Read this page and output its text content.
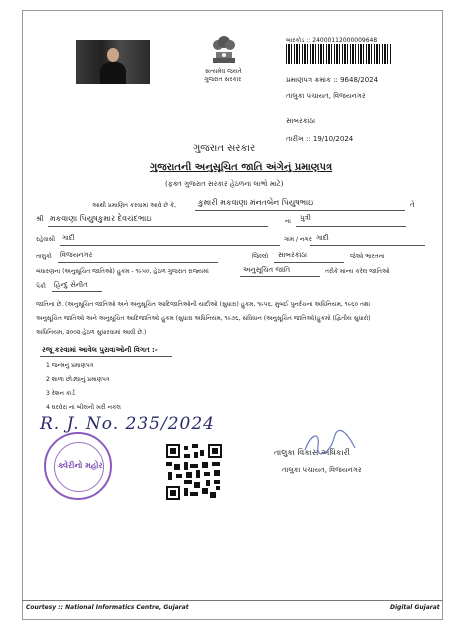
સત્યમેવ જયતે
ગુજરાત સરકાર
બારકોડ :: 24000112000009648
પ્રમાણપત્ર ક્રમાંક :: 9648/2024
તાલુકા પંચાયત, વિજયનગર
સાબરકાંઠા
તારીખ :: 19/10/2024
ગુજરાત સરકાર
ગુજરાતની અનુસૂચિત જાતિ અંગેનું પ્રમાણપત્ર
(ફક્ત ગુજરાત સરકાર હેઠળના લાભો માટે)
આથી પ્રમાણિત કરવામાં આવે છે કે,	કુમારી મકવાણા મંનતબેન પિયુષભાઇ	તે
શ્રી મકવાણા પિયુષકુમાર દેવચંદભાઇ	ના પુત્રી
રહેવાસી ગાદી	ગામ / નગર ગાદી
તાલુકો વિજયનગર	જિલ્લો સાબરકાંઠા	જેઓ ભારતના
બંધારણના (અનુસૂચિત જાતિઓ) હુકમ - ૧૯૫૦, હેઠળ ગુજરાત રાજ્યમાં	અનુસૂચિત જાતિ	તરીકે માન્ય કરેલ જાતિઓ
પૈકી હિન્દુ સેનીત
જાતિના છે. (અનુસૂચિત જાતિઓ અને અનુસૂચિત આદિજાતિઓની યાદીઓ (સુધારા) હુકમ, ૧૯૫૬, મુંબઈ પુનર્રચના અધિનિયમ, ૧૯૬૦ તથા
અનુસૂચિત જાતિઓ અને અનુસૂચિત આદિજાતિઓ હુકમ (સુધારા અધિનિયમ, ૧૯૭૬, સંવિધાન (અનુસૂચિત જાતિઓ)હુકમો (દ્વિતીય સુધારો)
અધિનિયમ, ૨૦૦૨ હેઠળ સુધારવામાં આવી છે.)
રજૂ કરવામાં આવેલ પુરાવાઓની વિગત :-
1 જન્મનું પ્રમાણપત્ર
2 શાળા છોડ્યાનું પ્રમાણપત્ર
3 રેશન કાર્ડ
4 ઘરવેરા નાં બીલની ખરી નકલ
R. J. No. 235/2024
ક્વેરીનો મહોર
તાલુકા વિકાસ અધિકારી
તાલુકા પંચાયત, વિજયનગર
Courtesy :: National Informatics Centre, Gujarat	Digital Gujarat
